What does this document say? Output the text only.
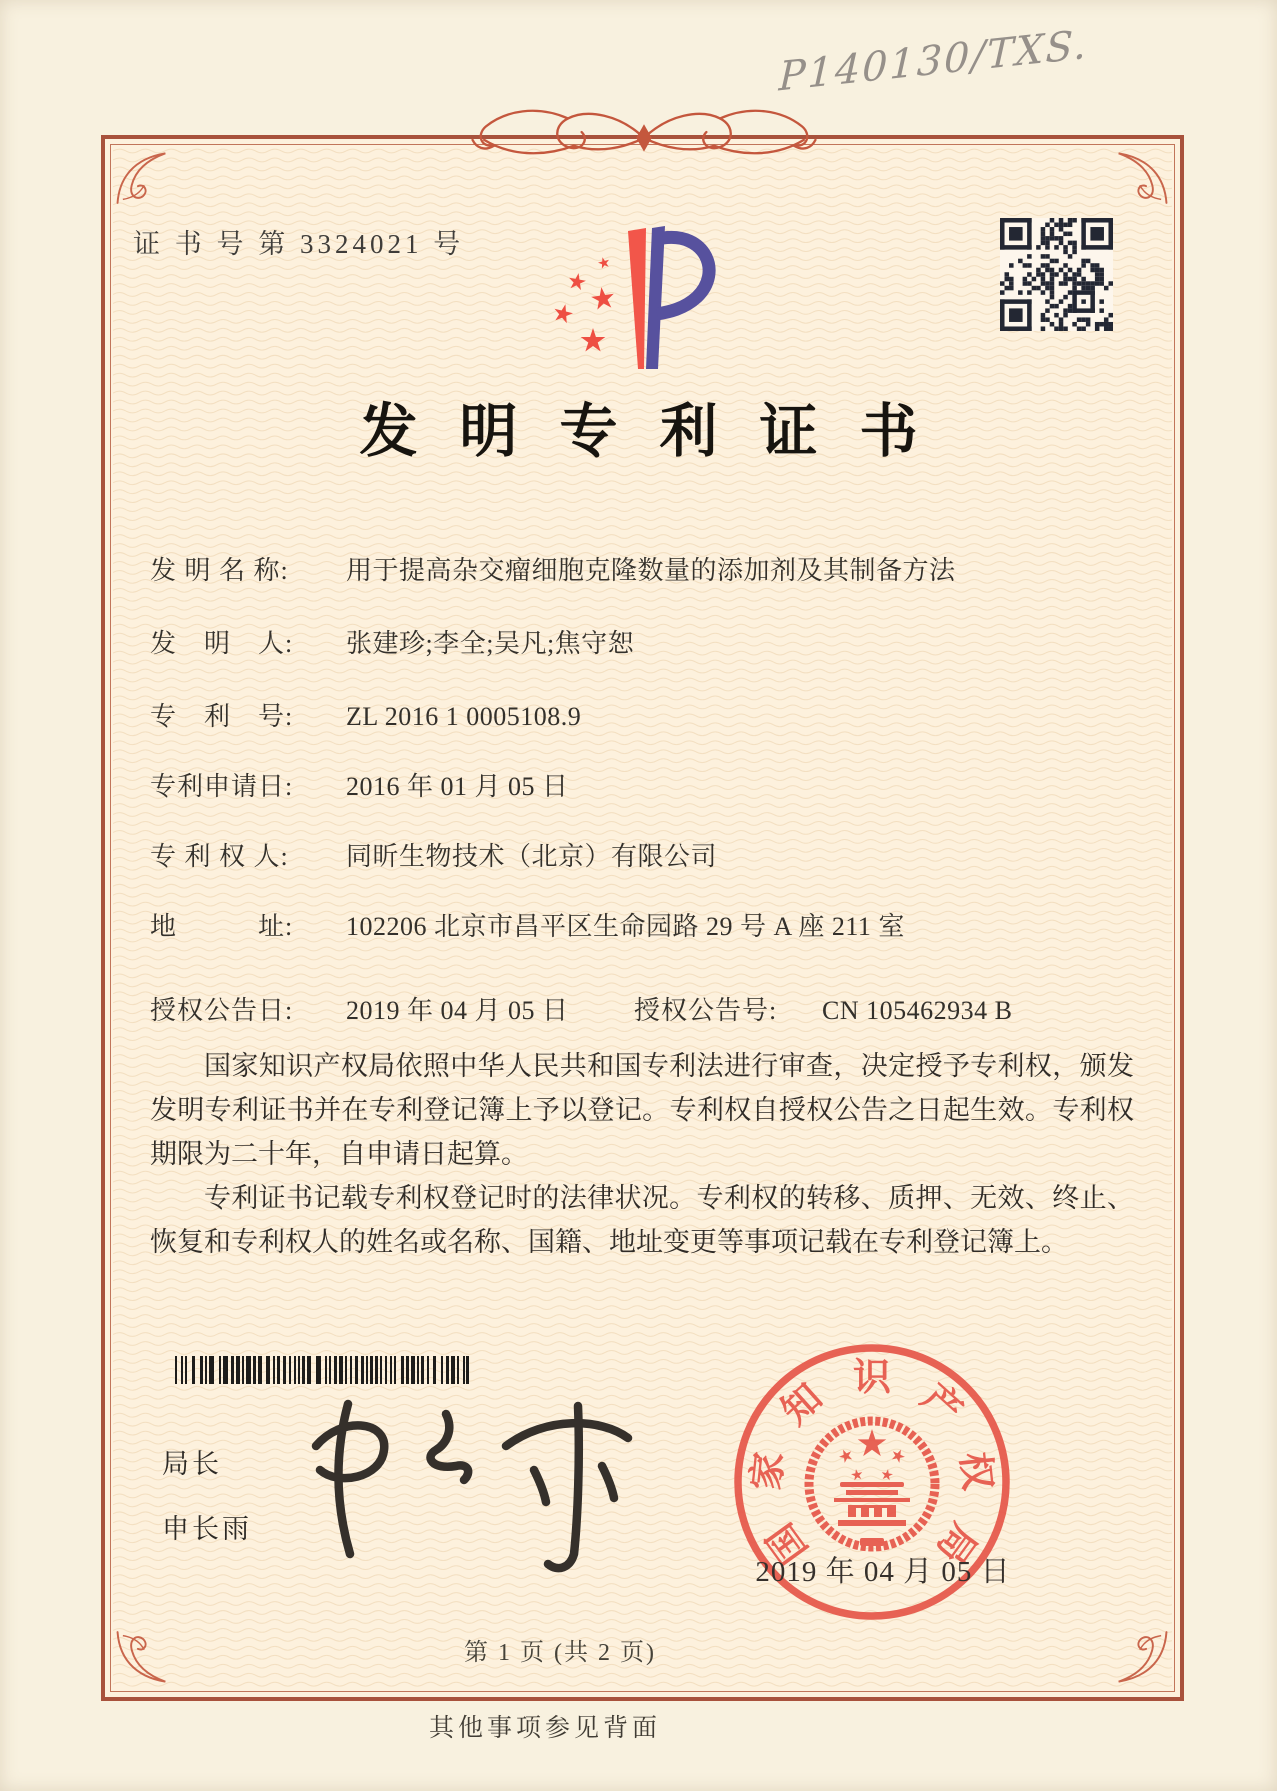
P140130/TXS.
证 书 号 第 3324021 号
发明专利证书
发 明 名 称: 用于提高杂交瘤细胞克隆数量的添加剂及其制备方法
发　明　人: 张建珍;李全;吴凡;焦守恕
专　利　号: ZL 2016 1 0005108.9
专利申请日: 2016 年 01 月 05 日
专 利 权 人: 同昕生物技术（北京）有限公司
地　　　址: 102206 北京市昌平区生命园路 29 号 A 座 211 室
授权公告日: 2019 年 04 月 05 日	授权公告号: CN 105462934 B

国家知识产权局依照中华人民共和国专利法进行审查，决定授予专利权，颁发发明专利证书并在专利登记簿上予以登记。专利权自授权公告之日起生效。专利权期限为二十年，自申请日起算。

专利证书记载专利权登记时的法律状况。专利权的转移、质押、无效、终止、恢复和专利权人的姓名或名称、国籍、地址变更等事项记载在专利登记簿上。

局长
申长雨	国
家
知 识 产
权
局
2019 年 04 月 05 日
第 1 页 (共 2 页)
其他事项参见背面
